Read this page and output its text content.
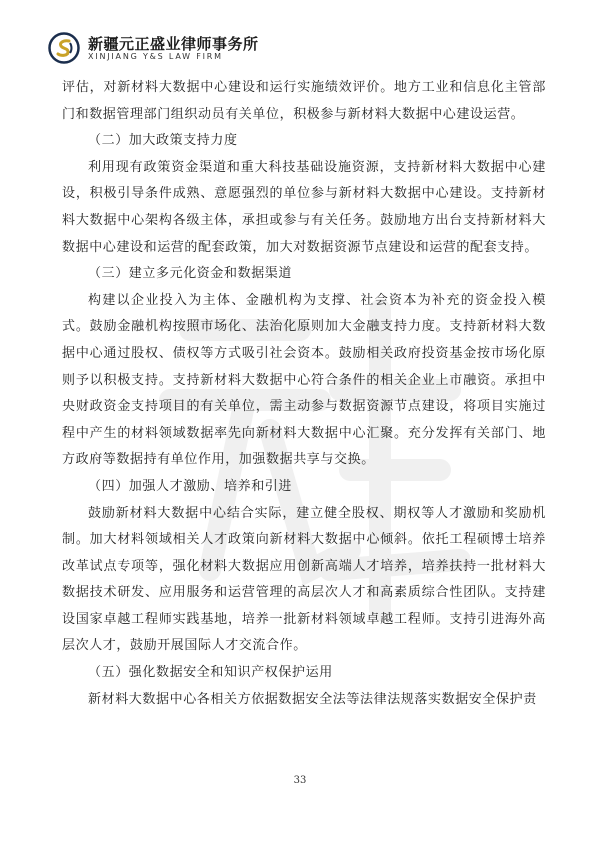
新疆元正盛业律师事务所
XINJIANG Y&S LAW FIRM

评估，对新材料大数据中心建设和运行实施绩效评价。地方工业和信息化主管部门和数据管理部门组织动员有关单位，积极参与新材料大数据中心建设运营。

（二）加大政策支持力度

利用现有政策资金渠道和重大科技基础设施资源，支持新材料大数据中心建设，积极引导条件成熟、意愿强烈的单位参与新材料大数据中心建设。支持新材料大数据中心架构各级主体，承担或参与有关任务。鼓励地方出台支持新材料大数据中心建设和运营的配套政策，加大对数据资源节点建设和运营的配套支持。

（三）建立多元化资金和数据渠道

构建以企业投入为主体、金融机构为支撑、社会资本为补充的资金投入模式。鼓励金融机构按照市场化、法治化原则加大金融支持力度。支持新材料大数据中心通过股权、债权等方式吸引社会资本。鼓励相关政府投资基金按市场化原则予以积极支持。支持新材料大数据中心符合条件的相关企业上市融资。承担中央财政资金支持项目的有关单位，需主动参与数据资源节点建设，将项目实施过程中产生的材料领域数据率先向新材料大数据中心汇聚。充分发挥有关部门、地方政府等数据持有单位作用，加强数据共享与交换。

（四）加强人才激励、培养和引进

鼓励新材料大数据中心结合实际，建立健全股权、期权等人才激励和奖励机制。加大材料领域相关人才政策向新材料大数据中心倾斜。依托工程硕博士培养改革试点专项等，强化材料大数据应用创新高端人才培养，培养扶持一批材料大数据技术研发、应用服务和运营管理的高层次人才和高素质综合性团队。支持建设国家卓越工程师实践基地，培养一批新材料领域卓越工程师。支持引进海外高层次人才，鼓励开展国际人才交流合作。

（五）强化数据安全和知识产权保护运用

新材料大数据中心各相关方依据数据安全法等法律法规落实数据安全保护责

33
